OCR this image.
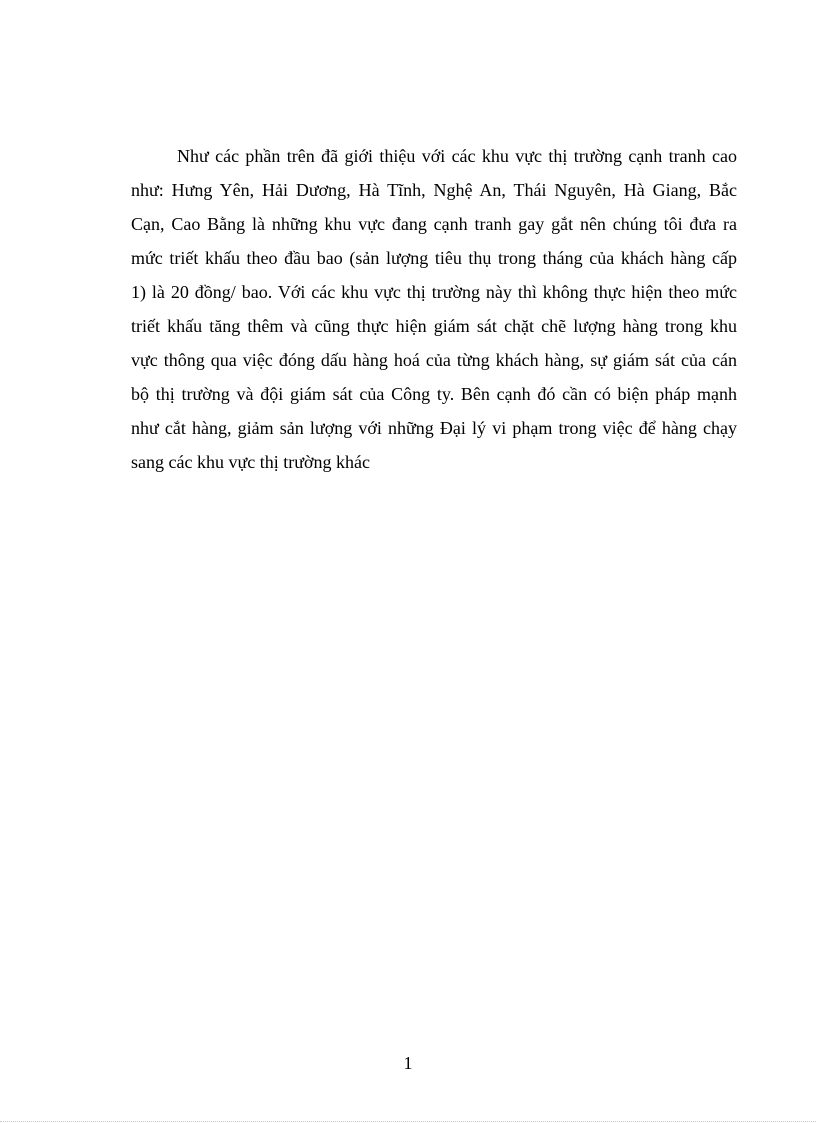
Như các phần trên đã giới thiệu với các khu vực thị trường cạnh tranh cao
như: Hưng Yên, Hải Dương, Hà Tĩnh, Nghệ An, Thái Nguyên, Hà Giang, Bắc
Cạn, Cao Bằng là những khu vực đang cạnh tranh gay gắt nên chúng tôi đưa ra
mức triết khấu theo đầu bao (sản lượng tiêu thụ trong tháng của khách hàng cấp
1) là 20 đồng/ bao. Với các khu vực thị trường này thì không thực hiện theo mức
triết khấu tăng thêm và cũng thực hiện giám sát chặt chẽ lượng hàng trong khu
vực thông qua việc đóng dấu hàng hoá của từng khách hàng, sự giám sát của cán
bộ thị trường và đội giám sát của Công ty. Bên cạnh đó cần có biện pháp mạnh
như cắt hàng, giảm sản lượng với những Đại lý vi phạm trong việc để hàng chạy
sang các khu vực thị trường khác
1
